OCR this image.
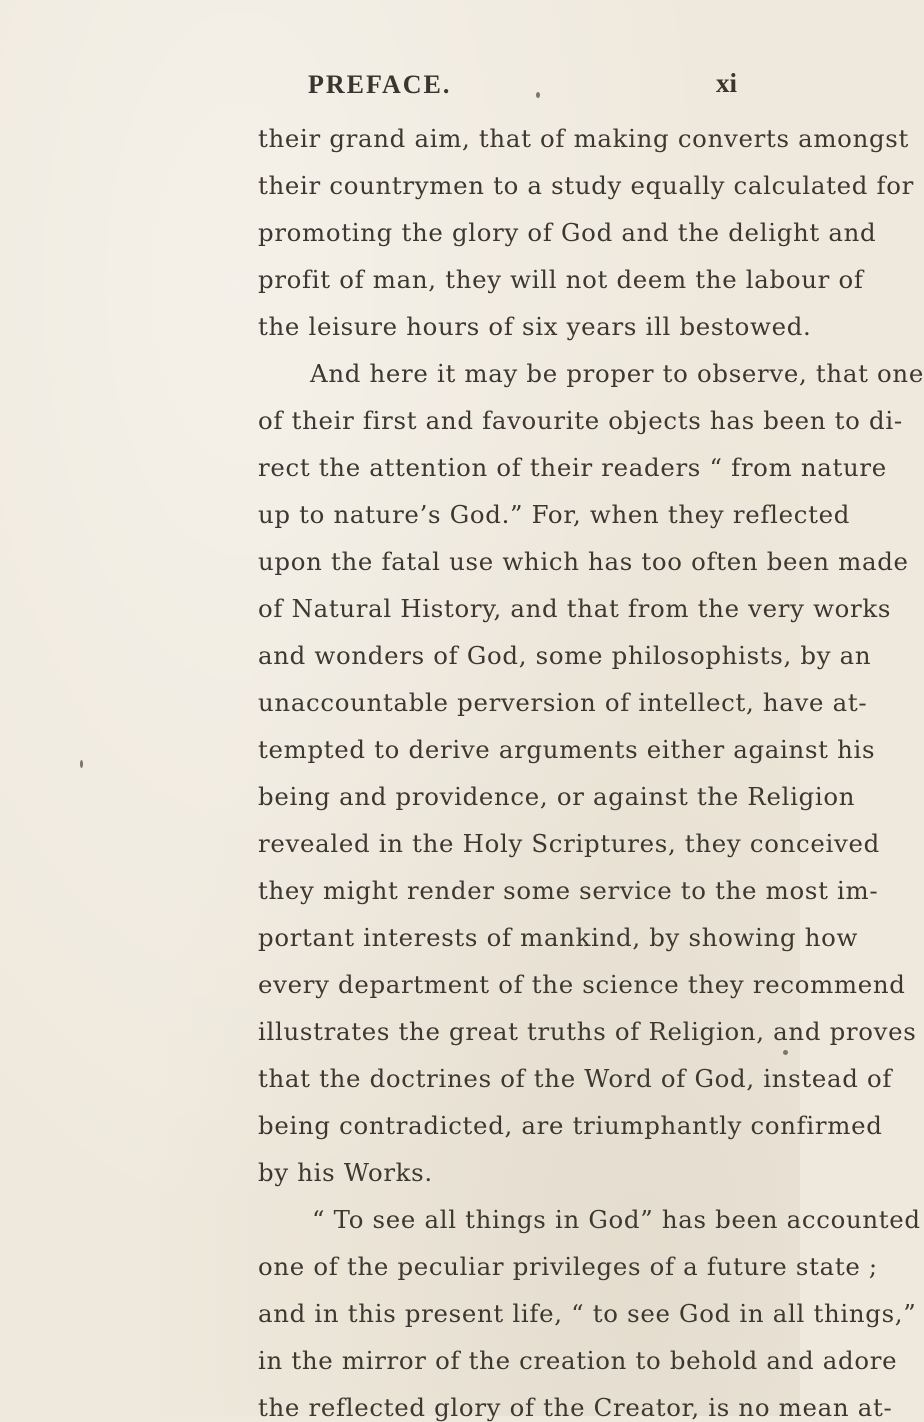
PREFACE.	xi
their grand aim, that of making converts amongst
their countrymen to a study equally calculated for
promoting the glory of God and the delight and
profit of man, they will not deem the labour of
the leisure hours of six years ill bestowed.
And here it may be proper to observe, that one
of their first and favourite objects has been to di-
rect the attention of their readers “ from nature
up to nature’s God.” For, when they reflected
upon the fatal use which has too often been made
of Natural History, and that from the very works
and wonders of God, some philosophists, by an
unaccountable perversion of intellect, have at-
tempted to derive arguments either against his
being and providence, or against the Religion
revealed in the Holy Scriptures, they conceived
they might render some service to the most im-
portant interests of mankind, by showing how
every department of the science they recommend
illustrates the great truths of Religion, and proves
that the doctrines of the Word of God, instead of
being contradicted, are triumphantly confirmed
by his Works.
“ To see all things in God” has been accounted
one of the peculiar privileges of a future state ;
and in this present life, “ to see God in all things,”
in the mirror of the creation to behold and adore
the reflected glory of the Creator, is no mean at-
